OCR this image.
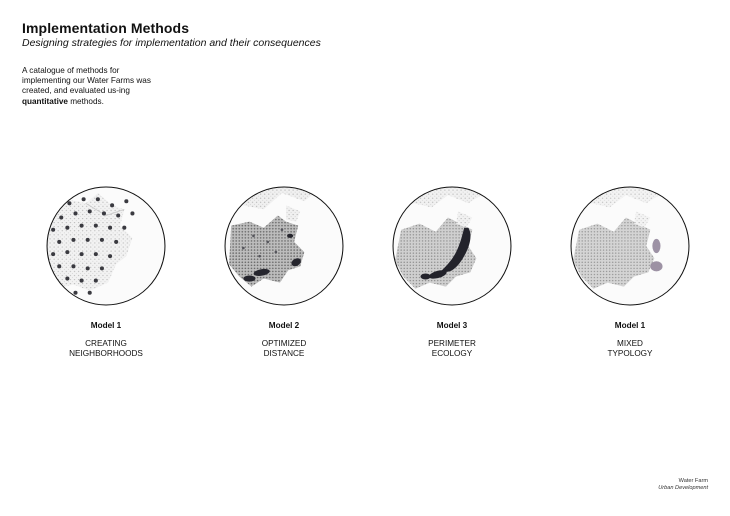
Implementation Methods
Designing strategies for implementation and their consequences
A catalogue of methods for implementing our Water Farms was created, and evaluated us-ing quantitative methods.
Model 1
CREATING
NEIGHBORHOODS
Model 2
OPTIMIZED
DISTANCE
Model 3
PERIMETER
ECOLOGY
Model 1
MIXED
TYPOLOGY
Water Farm
Urban Development
